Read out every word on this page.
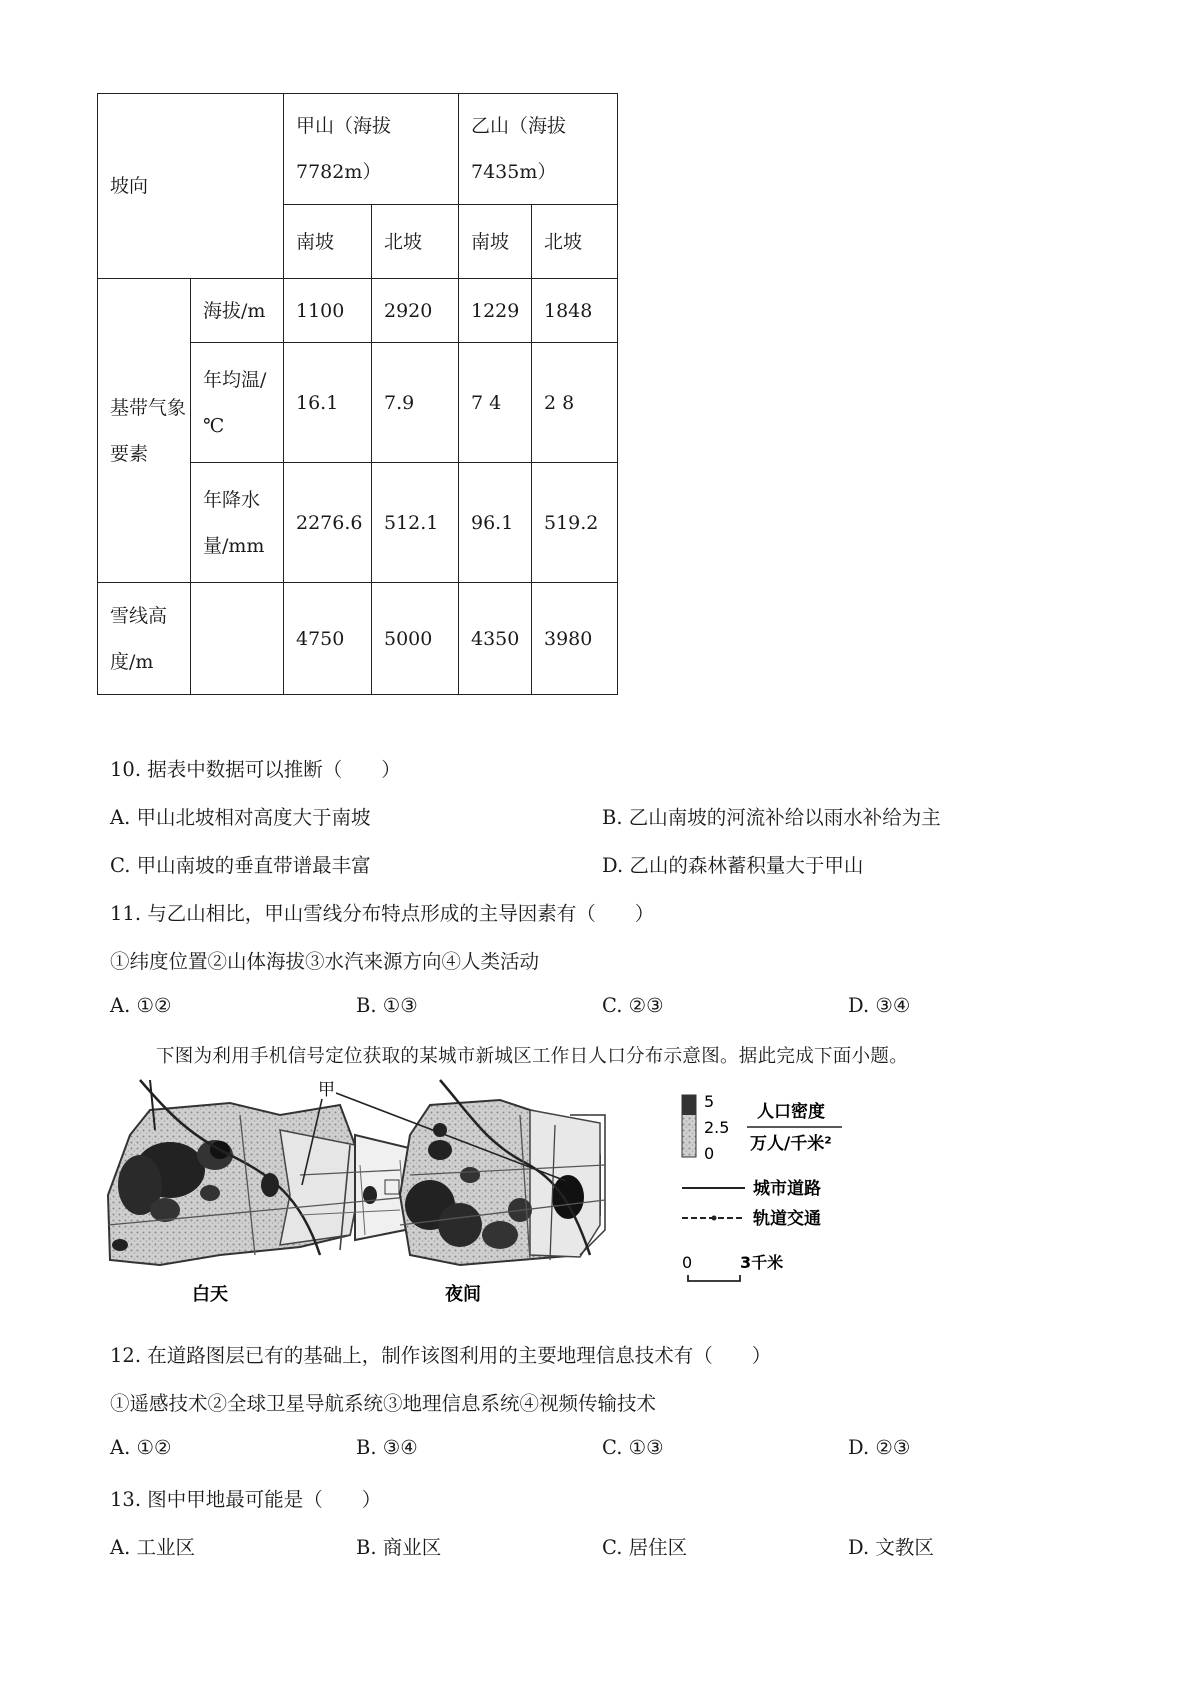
坡向		甲山（海拔7782m）		乙山（海拔7435m）	
		南坡	北坡	南坡	北坡
基带气象要素	海拔/m	1100	2920	1229	1848
	年均温/℃	16.1	7.9	7 4	2 8
	年降水量/mm	2276.6	512.1	96.1	519.2
雪线高度/m		4750	5000	4350	3980
10. 据表中数据可以推断（　　）
A. 甲山北坡相对高度大于南坡	B. 乙山南坡的河流补给以雨水补给为主
C. 甲山南坡的垂直带谱最丰富	D. 乙山的森林蓄积量大于甲山
11. 与乙山相比，甲山雪线分布特点形成的主导因素有（　　）
①纬度位置②山体海拔③水汽来源方向④人类活动
A. ①②	B. ①③	C. ②③	D. ③④
下图为利用手机信号定位获取的某城市新城区工作日人口分布示意图。据此完成下面小题。
白天	夜间
甲
5
2.5
0
人口密度
万人/千米²
城市道路
轨道交通
0	3千米
12. 在道路图层已有的基础上，制作该图利用的主要地理信息技术有（　　）
①遥感技术②全球卫星导航系统③地理信息系统④视频传输技术
A. ①②	B. ③④	C. ①③	D. ②③
13. 图中甲地最可能是（　　）
A. 工业区	B. 商业区	C. 居住区	D. 文教区
